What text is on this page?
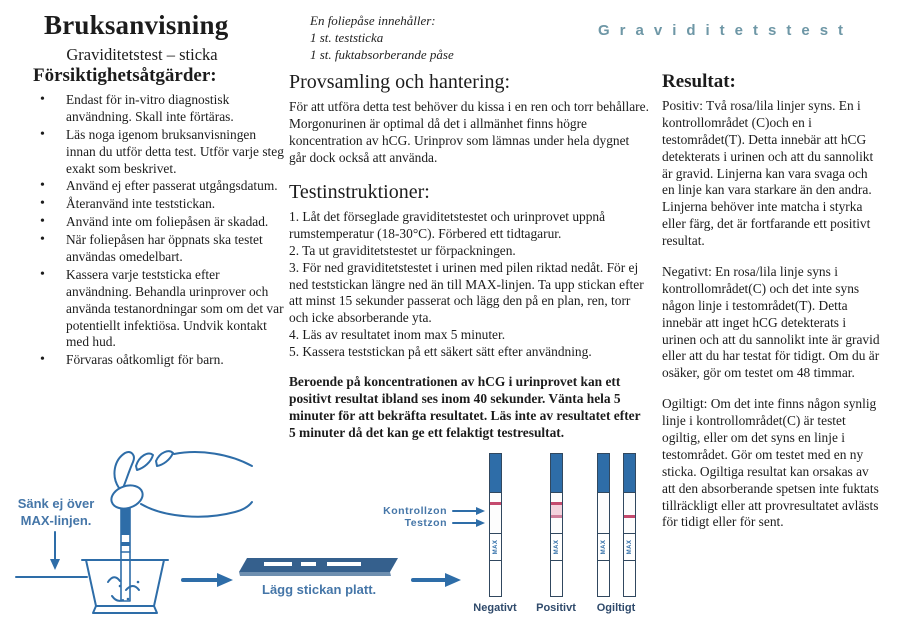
Bruksanvisning
Graviditetstest – sticka
En foliepåse innehåller:
1 st. teststicka
1 st. fuktabsorberande påse
Graviditetstest
Försiktighetsåtgärder:
• Endast för in-vitro diagnostisk användning. Skall inte förtäras.
• Läs noga igenom bruksanvisningen innan du utför detta test. Utför varje steg exakt som beskrivet.
• Använd ej efter passerat utgångsdatum.
• Återanvänd inte teststickan.
• Använd inte om foliepåsen är skadad.
• När foliepåsen har öppnats ska testet användas omedelbart.
• Kassera varje teststicka efter användning. Behandla urinprover och använda testanordningar som om det var potentiellt infektiösa. Undvik kontakt med hud.
• Förvaras oåtkomligt för barn.
Provsamling och hantering:
För att utföra detta test behöver du kissa i en ren och torr behållare. Morgonurinen är optimal då det i allmänhet finns högre koncentration av hCG. Urinprov som lämnas under hela dygnet går dock också att använda.
Testinstruktioner:
1. Låt det förseglade graviditetstestet och urinprovet uppnå rumstemperatur (18-30°C). Förbered ett tidtagarur.
2. Ta ut graviditetstestet ur förpackningen.
3. För ned graviditetstestet i urinen med pilen riktad nedåt. För ej ned teststickan längre ned än till MAX-linjen. Ta upp stickan efter att minst 15 sekunder passerat och lägg den på en plan, ren, torr och icke absorberande yta.
4. Läs av resultatet inom max 5 minuter.
5. Kassera teststickan på ett säkert sätt efter användning.
Beroende på koncentrationen av hCG i urinprovet kan ett positivt resultat ibland ses inom 40 sekunder. Vänta hela 5 minuter för att bekräfta resultatet. Läs inte av resultatet efter 5 minuter då det kan ge ett felaktigt testresultat.
Resultat:
Positiv: Två rosa/lila linjer syns. En i kontrollområdet (C)och en i testområdet(T). Detta innebär att hCG detekterats i urinen och att du sannolikt är gravid. Linjerna kan vara svaga och en linje kan vara starkare än den andra. Linjerna behöver inte matcha i styrka eller färg, det är fortfarande ett positivt resultat.
Negativt: En rosa/lila linje syns i kontrollområdet(C) och det inte syns någon linje i testområdet(T). Detta innebär att inget hCG detekterats i urinen och att du sannolikt inte är gravid eller att du har testat för tidigt. Om du är osäker, gör om testet om 48 timmar.
Ogiltigt: Om det inte finns någon synlig linje i kontrollområdet(C) är testet ogiltig, eller om det syns en linje i testområdet. Gör om testet med en ny sticka. Ogiltiga resultat kan orsakas av att den absorberande spetsen inte fuktats tillräckligt eller att provresultatet avlästs för tidigt eller för sent.
Sänk ej över MAX-linjen.
Lägg stickan platt.
Kontrollzon
Testzon
MAX	MAX	MAX	MAX
Negativt	Positivt	Ogiltigt
